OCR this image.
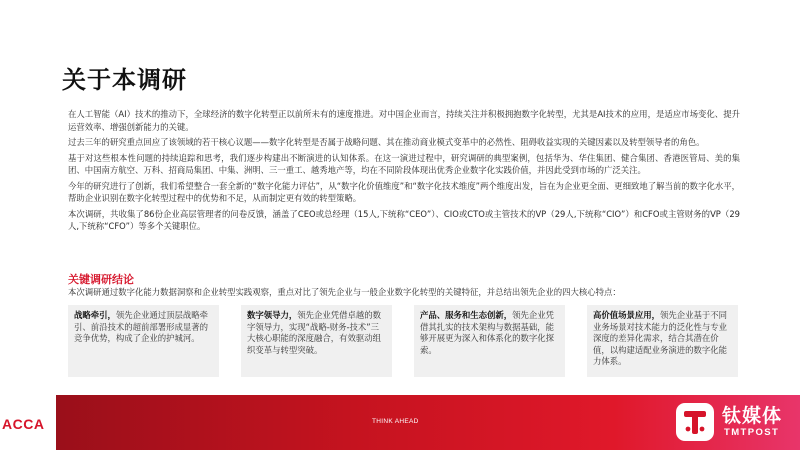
关于本调研

在人工智能（AI）技术的推动下，全球经济的数字化转型正以前所未有的速度推进。对中国企业而言，持续关注并积极拥抱数字化转型，尤其是AI技术的应用，是适应市场变化、提升运营效率、增强创新能力的关键。

过去三年的研究重点回应了该领域的若干核心议题——数字化转型是否属于战略问题、其在推动商业模式变革中的必然性、阻碍收益实现的关键因素以及转型领导者的角色。

基于对这些根本性问题的持续追踪和思考，我们逐步构建出不断演进的认知体系。在这一演进过程中，研究调研的典型案例，包括华为、华住集团、健合集团、香港医管局、美的集团、中国南方航空、万科、招商局集团、中集、洲明、三一重工、越秀地产等，均在不同阶段体现出优秀企业数字化实践价值，并因此受到市场的广泛关注。

今年的研究进行了创新，我们希望整合一套全新的“数字化能力评估”，从“数字化价值维度”和“数字化技术维度”两个维度出发，旨在为企业更全面、更细致地了解当前的数字化水平，帮助企业识别在数字化转型过程中的优势和不足，从而制定更有效的转型策略。

本次调研，共收集了86份企业高层管理者的问卷反馈，涵盖了CEO或总经理（15人,下统称“CEO”）、CIO或CTO或主管技术的VP（29人,下统称“CIO”）和CFO或主管财务的VP（29人,下统称“CFO”）等多个关键职位。

关键调研结论
本次调研通过数字化能力数据洞察和企业转型实践观察，重点对比了领先企业与一般企业数字化转型的关键特征，并总结出领先企业的四大核心特点：
战略牵引，领先企业通过顶层战略牵引、前沿技术的超前部署形成显著的竞争优势，构成了企业的护城河。
数字领导力，领先企业凭借卓越的数字领导力，实现“战略-财务-技术”三大核心职能的深度融合，有效驱动组织变革与转型突破。
产品、服务和生态创新，领先企业凭借其扎实的技术架构与数据基础，能够开展更为深入和体系化的数字化探索。
高价值场景应用，领先企业基于不同业务场景对技术能力的泛化性与专业深度的差异化需求，结合其潜在价值，以构建适配业务演进的数字化能力体系。
ACCA	THINK AHEAD	钛媒体
TMTPOST
